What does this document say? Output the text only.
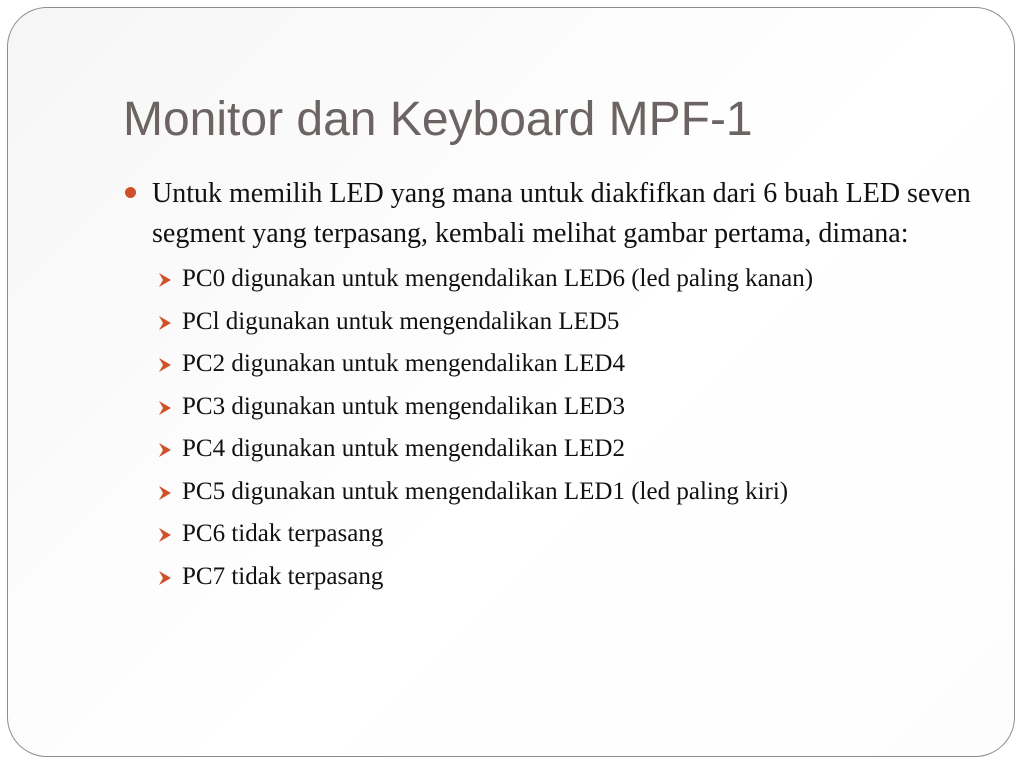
Monitor dan Keyboard MPF-1
Untuk memilih LED yang mana untuk diakfifkan dari 6 buah LED seven segment yang terpasang, kembali melihat gambar pertama, dimana:
PC0 digunakan untuk mengendalikan LED6 (led paling kanan)
PCl digunakan untuk mengendalikan LED5
PC2 digunakan untuk mengendalikan LED4
PC3 digunakan untuk mengendalikan LED3
PC4 digunakan untuk mengendalikan LED2
PC5 digunakan untuk mengendalikan LED1 (led paling kiri)
PC6 tidak terpasang
PC7 tidak terpasang
